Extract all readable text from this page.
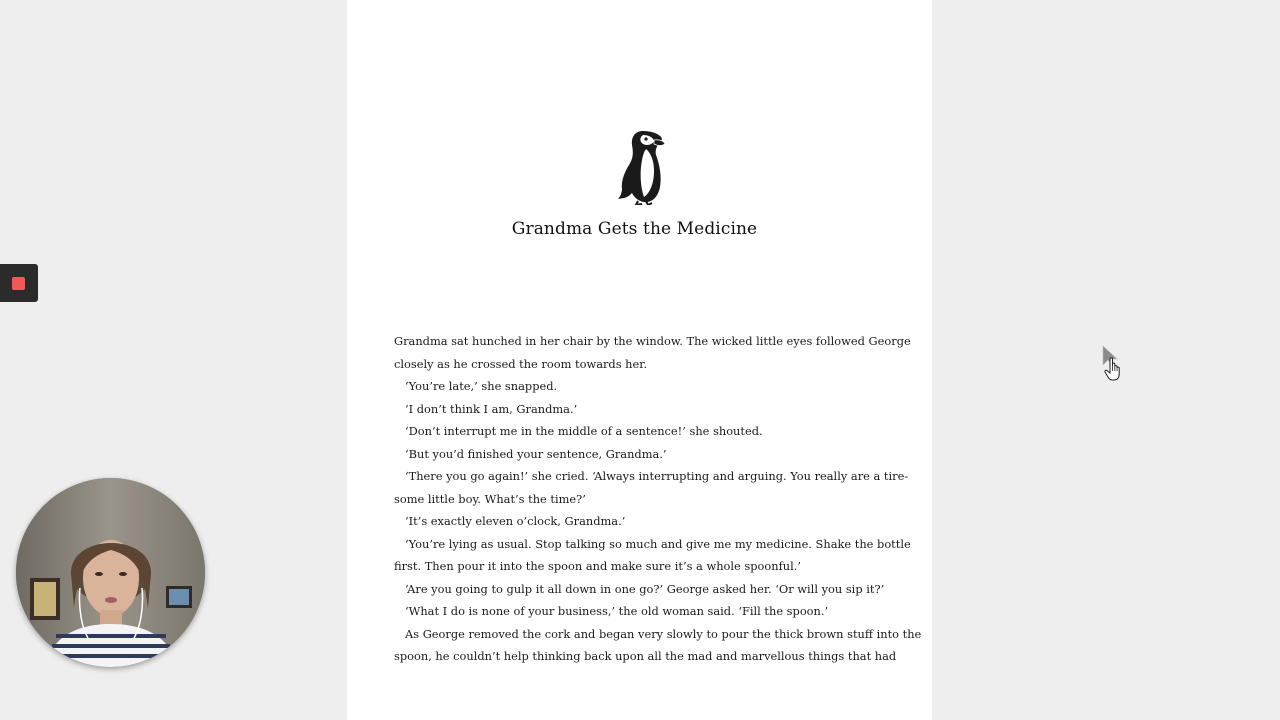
Grandma Gets the Medicine

Grandma sat hunched in her chair by the window. The wicked little eyes followed George

closely as he crossed the room towards her.

‘You’re late,’ she snapped.

‘I don’t think I am, Grandma.’

‘Don’t interrupt me in the middle of a sentence!’ she shouted.

‘But you’d finished your sentence, Grandma.’

‘There you go again!’ she cried. ‘Always interrupting and arguing. You really are a tire-

some little boy. What’s the time?’

‘It’s exactly eleven o’clock, Grandma.’

‘You’re lying as usual. Stop talking so much and give me my medicine. Shake the bottle

first. Then pour it into the spoon and make sure it’s a whole spoonful.’

‘Are you going to gulp it all down in one go?’ George asked her. ‘Or will you sip it?’

‘What I do is none of your business,’ the old woman said. ‘Fill the spoon.’

As George removed the cork and began very slowly to pour the thick brown stuff into the

spoon, he couldn’t help thinking back upon all the mad and marvellous things that had
